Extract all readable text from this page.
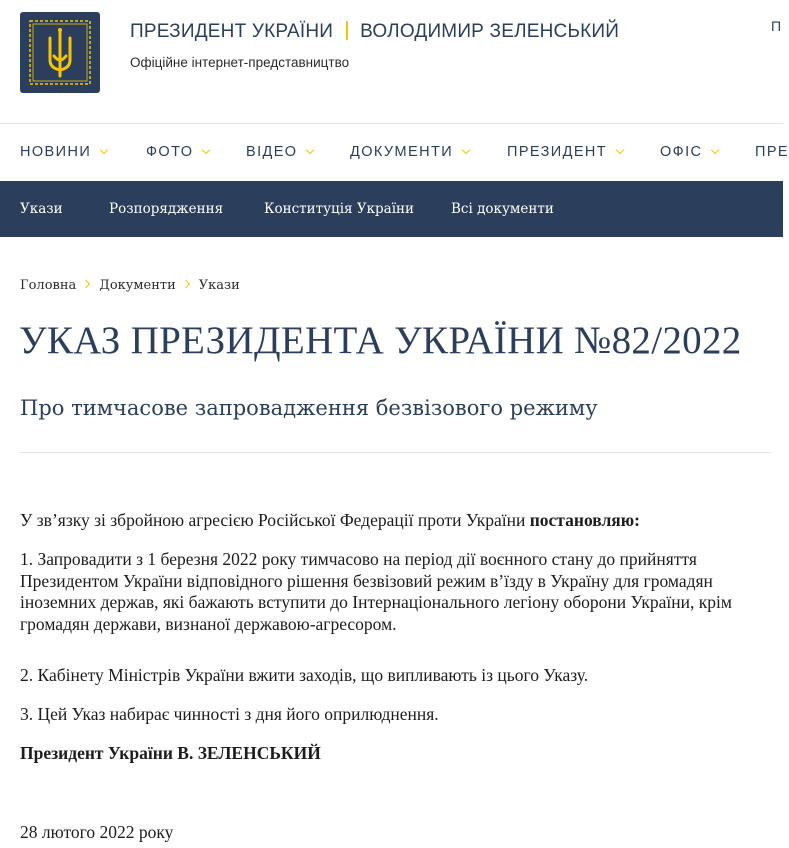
ПРЕЗИДЕНТ УКРАЇНИ ВОЛОДИМИР ЗЕЛЕНСЬКИЙ
Офіційне інтернет-представництво
П
НОВИНИ	ФОТО	ВІДЕО	ДОКУМЕНТИ	ПРЕЗИДЕНТ	ОФІС	ПРЕ
Укази	Розпорядження	Конституція України	Всі документи
Головна Документи Укази
УКАЗ ПРЕЗИДЕНТА УКРАЇНИ №82/2022
Про тимчасове запровадження безвізового режиму

У зв’язку зі збройною агресією Російської Федерації проти України постановляю:

1. Запровадити з 1 березня 2022 року тимчасово на період дії воєнного стану до прийняття Президентом України відповідного рішення безвізовий режим в’їзду в Україну для громадян іноземних держав, які бажають вступити до Інтернаціонального легіону оборони України, крім громадян держави, визнаної державою-агресором.

2. Кабінету Міністрів України вжити заходів, що випливають із цього Указу.

3. Цей Указ набирає чинності з дня його оприлюднення.

Президент України В. ЗЕЛЕНСЬКИЙ

28 лютого 2022 року
